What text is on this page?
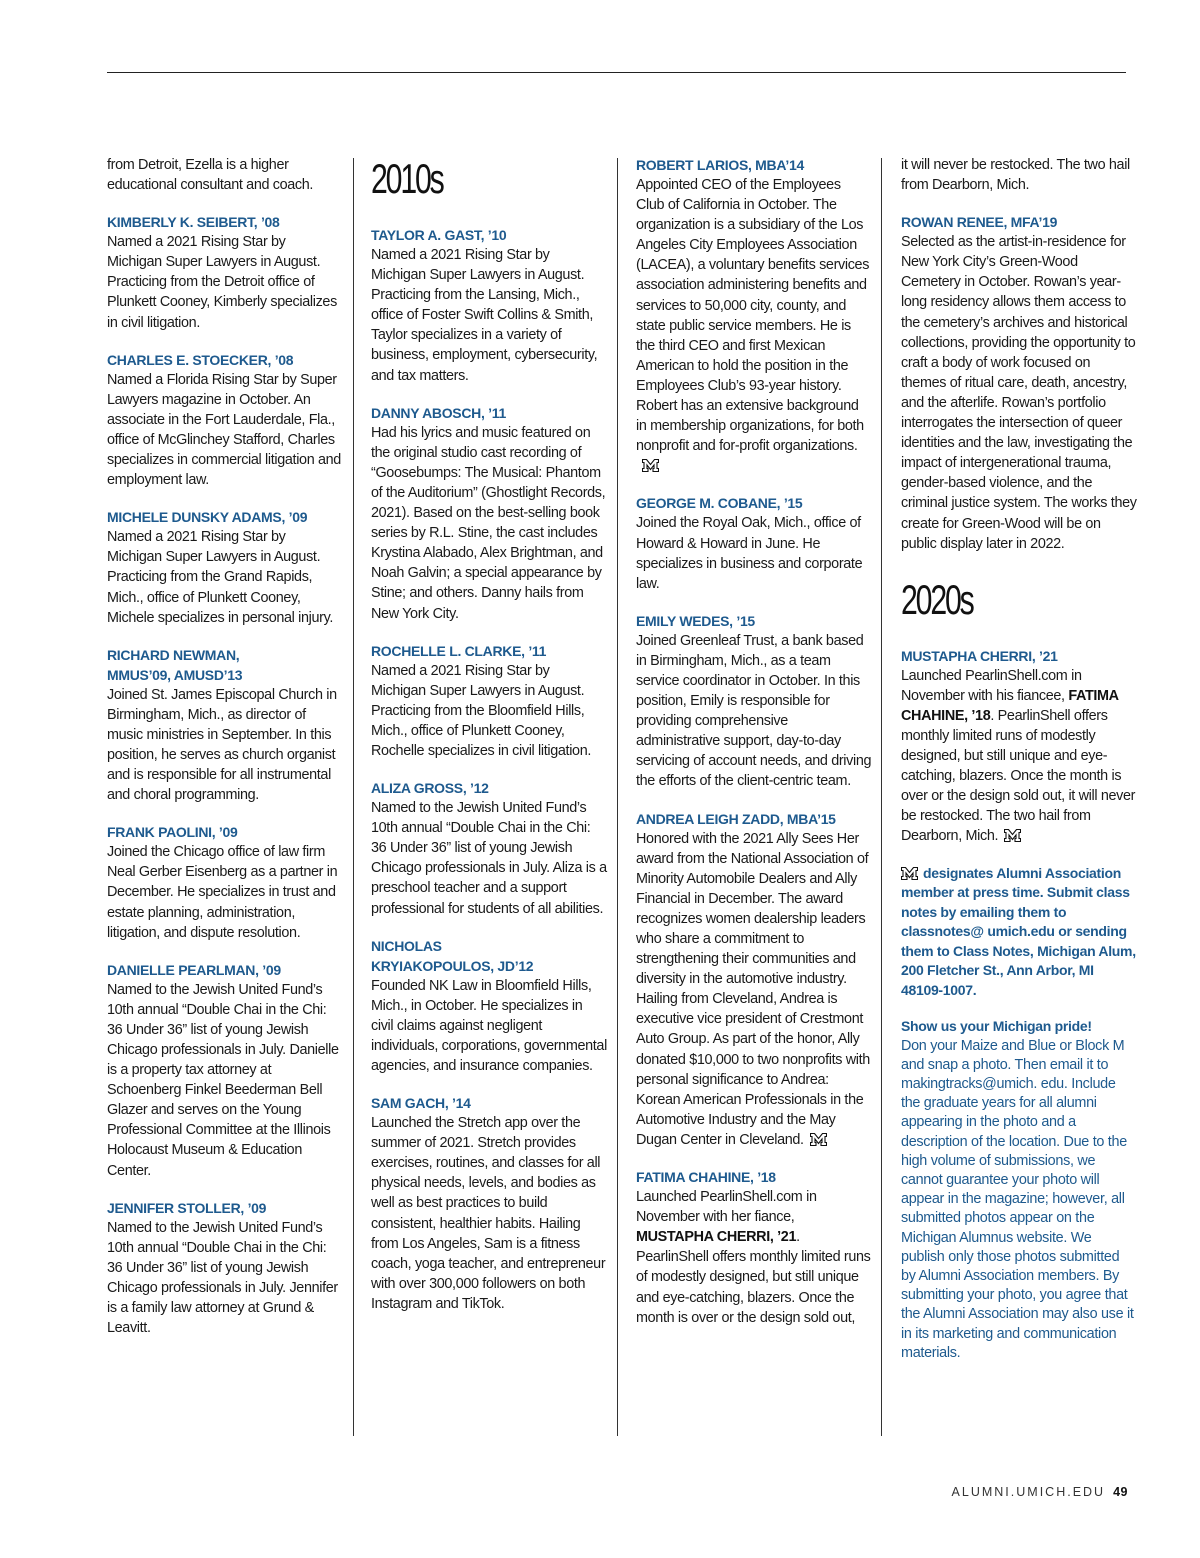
from Detroit, Ezella is a higher educational consultant and coach.
KIMBERLY K. SEIBERT, ’08
Named a 2021 Rising Star by Michigan Super Lawyers in August. Practicing from the Detroit office of Plunkett Cooney, Kimberly specializes in civil litigation.
CHARLES E. STOECKER, ’08
Named a Florida Rising Star by Super Lawyers magazine in October. An associate in the Fort Lauderdale, Fla., office of McGlinchey Stafford, Charles specializes in commercial litigation and employment law.
MICHELE DUNSKY ADAMS, ’09
Named a 2021 Rising Star by Michigan Super Lawyers in August. Practicing from the Grand Rapids, Mich., office of Plunkett Cooney, Michele specializes in personal injury.
RICHARD NEWMAN, MMUS’09, AMUSD’13
Joined St. James Episcopal Church in Birmingham, Mich., as director of music ministries in September. In this position, he serves as church organist and is responsible for all instrumental and choral programming.
FRANK PAOLINI, ’09
Joined the Chicago office of law firm Neal Gerber Eisenberg as a partner in December. He specializes in trust and estate planning, administration, litigation, and dispute resolution.
DANIELLE PEARLMAN, ’09
Named to the Jewish United Fund’s 10th annual “Double Chai in the Chi: 36 Under 36” list of young Jewish Chicago professionals in July. Danielle is a property tax attorney at Schoenberg Finkel Beederman Bell Glazer and serves on the Young Professional Committee at the Illinois Holocaust Museum & Education Center.
JENNIFER STOLLER, ’09
Named to the Jewish United Fund’s 10th annual “Double Chai in the Chi: 36 Under 36” list of young Jewish Chicago professionals in July. Jennifer is a family law attorney at Grund & Leavitt.
2010s
TAYLOR A. GAST, ’10
Named a 2021 Rising Star by Michigan Super Lawyers in August. Practicing from the Lansing, Mich., office of Foster Swift Collins & Smith, Taylor specializes in a variety of business, employment, cybersecurity, and tax matters.
DANNY ABOSCH, ’11
Had his lyrics and music featured on the original studio cast recording of “Goosebumps: The Musical: Phantom of the Auditorium” (Ghostlight Records, 2021). Based on the best-selling book series by R.L. Stine, the cast includes Krystina Alabado, Alex Brightman, and Noah Galvin; a special appearance by Stine; and others. Danny hails from New York City.
ROCHELLE L. CLARKE, ’11
Named a 2021 Rising Star by Michigan Super Lawyers in August. Practicing from the Bloomfield Hills, Mich., office of Plunkett Cooney, Rochelle specializes in civil litigation.
ALIZA GROSS, ’12
Named to the Jewish United Fund’s 10th annual “Double Chai in the Chi: 36 Under 36” list of young Jewish Chicago professionals in July. Aliza is a preschool teacher and a support professional for students of all abilities.
NICHOLAS KRYIAKOPOULOS, JD’12
Founded NK Law in Bloomfield Hills, Mich., in October. He specializes in civil claims against negligent individuals, corporations, governmental agencies, and insurance companies.
SAM GACH, ’14
Launched the Stretch app over the summer of 2021. Stretch provides exercises, routines, and classes for all physical needs, levels, and bodies as well as best practices to build consistent, healthier habits. Hailing from Los Angeles, Sam is a fitness coach, yoga teacher, and entrepreneur with over 300,000 followers on both Instagram and TikTok.
ROBERT LARIOS, MBA’14
Appointed CEO of the Employees Club of California in October. The organization is a subsidiary of the Los Angeles City Employees Association (LACEA), a voluntary benefits services association administering benefits and services to 50,000 city, county, and state public service members. He is the third CEO and first Mexican American to hold the position in the Employees Club’s 93-year history. Robert has an extensive background in membership organizations, for both nonprofit and for-profit organizations.
GEORGE M. COBANE, ’15
Joined the Royal Oak, Mich., office of Howard & Howard in June. He specializes in business and corporate law.
EMILY WEDES, ’15
Joined Greenleaf Trust, a bank based in Birmingham, Mich., as a team service coordinator in October. In this position, Emily is responsible for providing comprehensive administrative support, day-to-day servicing of account needs, and driving the efforts of the client-centric team.
ANDREA LEIGH ZADD, MBA’15
Honored with the 2021 Ally Sees Her award from the National Association of Minority Automobile Dealers and Ally Financial in December. The award recognizes women dealership leaders who share a commitment to strengthening their communities and diversity in the automotive industry. Hailing from Cleveland, Andrea is executive vice president of Crestmont Auto Group. As part of the honor, Ally donated $10,000 to two nonprofits with personal significance to Andrea: Korean American Professionals in the Automotive Industry and the May Dugan Center in Cleveland.
FATIMA CHAHINE, ’18
Launched PearlinShell.com in November with her fiance, MUSTAPHA CHERRI, ’21. PearlinShell offers monthly limited runs of modestly designed, but still unique and eye-catching, blazers. Once the month is over or the design sold out,
it will never be restocked. The two hail from Dearborn, Mich.
ROWAN RENEE, MFA’19
Selected as the artist-in-residence for New York City’s Green-Wood Cemetery in October. Rowan’s year-long residency allows them access to the cemetery’s archives and historical collections, providing the opportunity to craft a body of work focused on themes of ritual care, death, ancestry, and the afterlife. Rowan’s portfolio interrogates the intersection of queer identities and the law, investigating the impact of intergenerational trauma, gender-based violence, and the criminal justice system. The works they create for Green-Wood will be on public display later in 2022.
2020s
MUSTAPHA CHERRI, ’21
Launched PearlinShell.com in November with his fiancee, FATIMA CHAHINE, ’18. PearlinShell offers monthly limited runs of modestly designed, but still unique and eye-catching, blazers. Once the month is over or the design sold out, it will never be restocked. The two hail from Dearborn, Mich.
designates Alumni Association member at press time. Submit class notes by emailing them to classnotes@ umich.edu or sending them to Class Notes, Michigan Alum, 200 Fletcher St., Ann Arbor, MI 48109-1007.
Show us your Michigan pride!
Don your Maize and Blue or Block M and snap a photo. Then email it to makingtracks@umich. edu. Include the graduate years for all alumni appearing in the photo and a description of the location. Due to the high volume of submissions, we cannot guarantee your photo will appear in the magazine; however, all submitted photos appear on the Michigan Alumnus website. We publish only those photos submitted by Alumni Association members. By submitting your photo, you agree that the Alumni Association may also use it in its marketing and communication materials.
ALUMNI.UMICH.EDU 49
